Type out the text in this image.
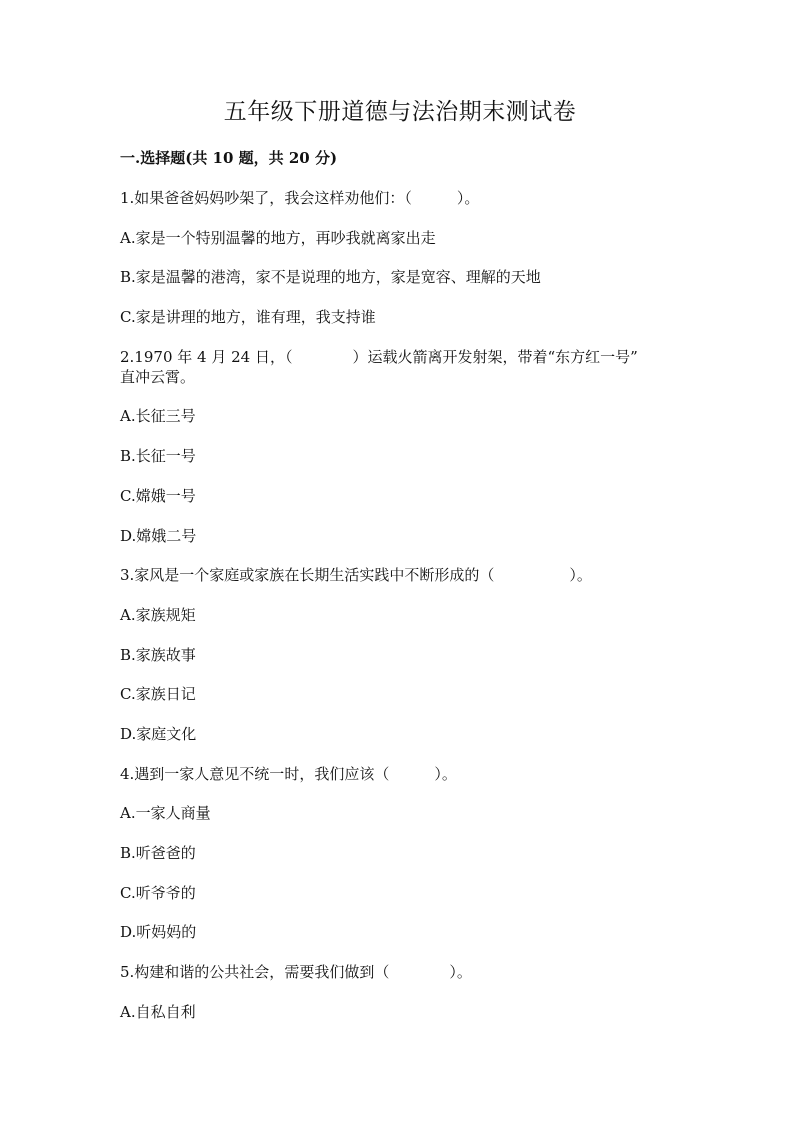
五年级下册道德与法治期末测试卷
一.选择题(共 10 题，共 20 分)
1.如果爸爸妈妈吵架了，我会这样劝他们：（　　　）。
A.家是一个特别温馨的地方，再吵我就离家出走
B.家是温馨的港湾，家不是说理的地方，家是宽容、理解的天地
C.家是讲理的地方，谁有理，我支持谁
2.1970 年 4 月 24 日，（　　　　）运载火箭离开发射架，带着“东方红一号”
直冲云霄。
A.长征三号
B.长征一号
C.嫦娥一号
D.嫦娥二号
3.家风是一个家庭或家族在长期生活实践中不断形成的（　　　　　）。
A.家族规矩
B.家族故事
C.家族日记
D.家庭文化
4.遇到一家人意见不统一时，我们应该（　　　）。
A.一家人商量
B.听爸爸的
C.听爷爷的
D.听妈妈的
5.构建和谐的公共社会，需要我们做到（　　　　）。
A.自私自利
